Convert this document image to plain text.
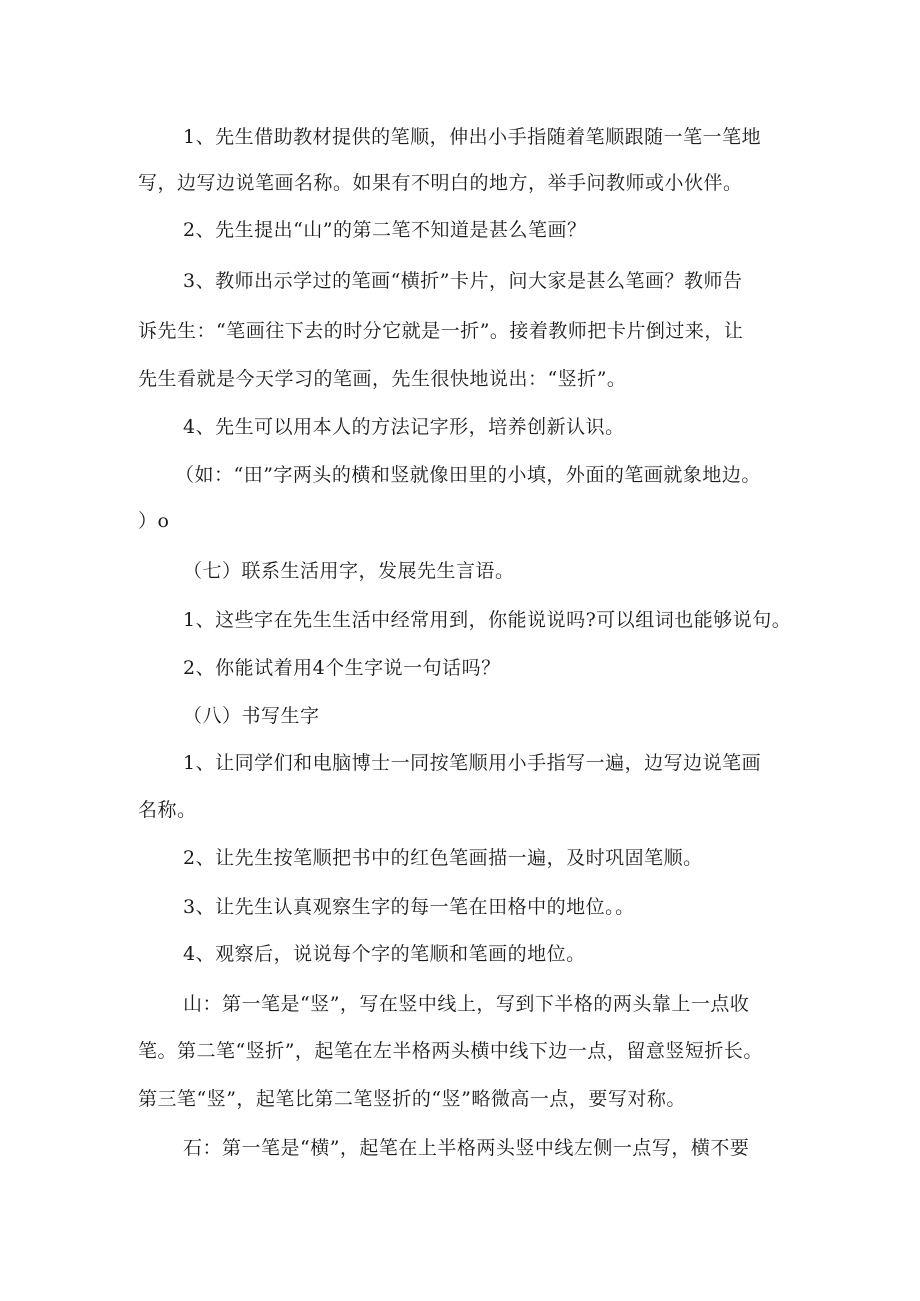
1、先生借助教材提供的笔顺，伸出小手指随着笔顺跟随一笔一笔地

写，边写边说笔画名称。如果有不明白的地方，举手问教师或小伙伴。

2、先生提出“山”的第二笔不知道是甚么笔画？

3、教师出示学过的笔画“横折”卡片，问大家是甚么笔画？教师告

诉先生：“笔画往下去的时分它就是一折”。接着教师把卡片倒过来，让

先生看就是今天学习的笔画，先生很快地说出：“竖折”。

4、先生可以用本人的方法记字形，培养创新认识。

（如：“田”字两头的横和竖就像田里的小填，外面的笔画就象地边。

）o

（七）联系生活用字，发展先生言语。

1、这些字在先生生活中经常用到，你能说说吗?可以组词也能够说句。

2、你能试着用4个生字说一句话吗？

（八）书写生字

1、让同学们和电脑博士一同按笔顺用小手指写一遍，边写边说笔画

名称。

2、让先生按笔顺把书中的红色笔画描一遍，及时巩固笔顺。

3、让先生认真观察生字的每一笔在田格中的地位。。

4、观察后，说说每个字的笔顺和笔画的地位。

山：第一笔是“竖”，写在竖中线上，写到下半格的两头靠上一点收

笔。第二笔“竖折”，起笔在左半格两头横中线下边一点，留意竖短折长。

第三笔“竖”，起笔比第二笔竖折的“竖”略微高一点，要写对称。

石：第一笔是“横”，起笔在上半格两头竖中线左侧一点写，横不要
